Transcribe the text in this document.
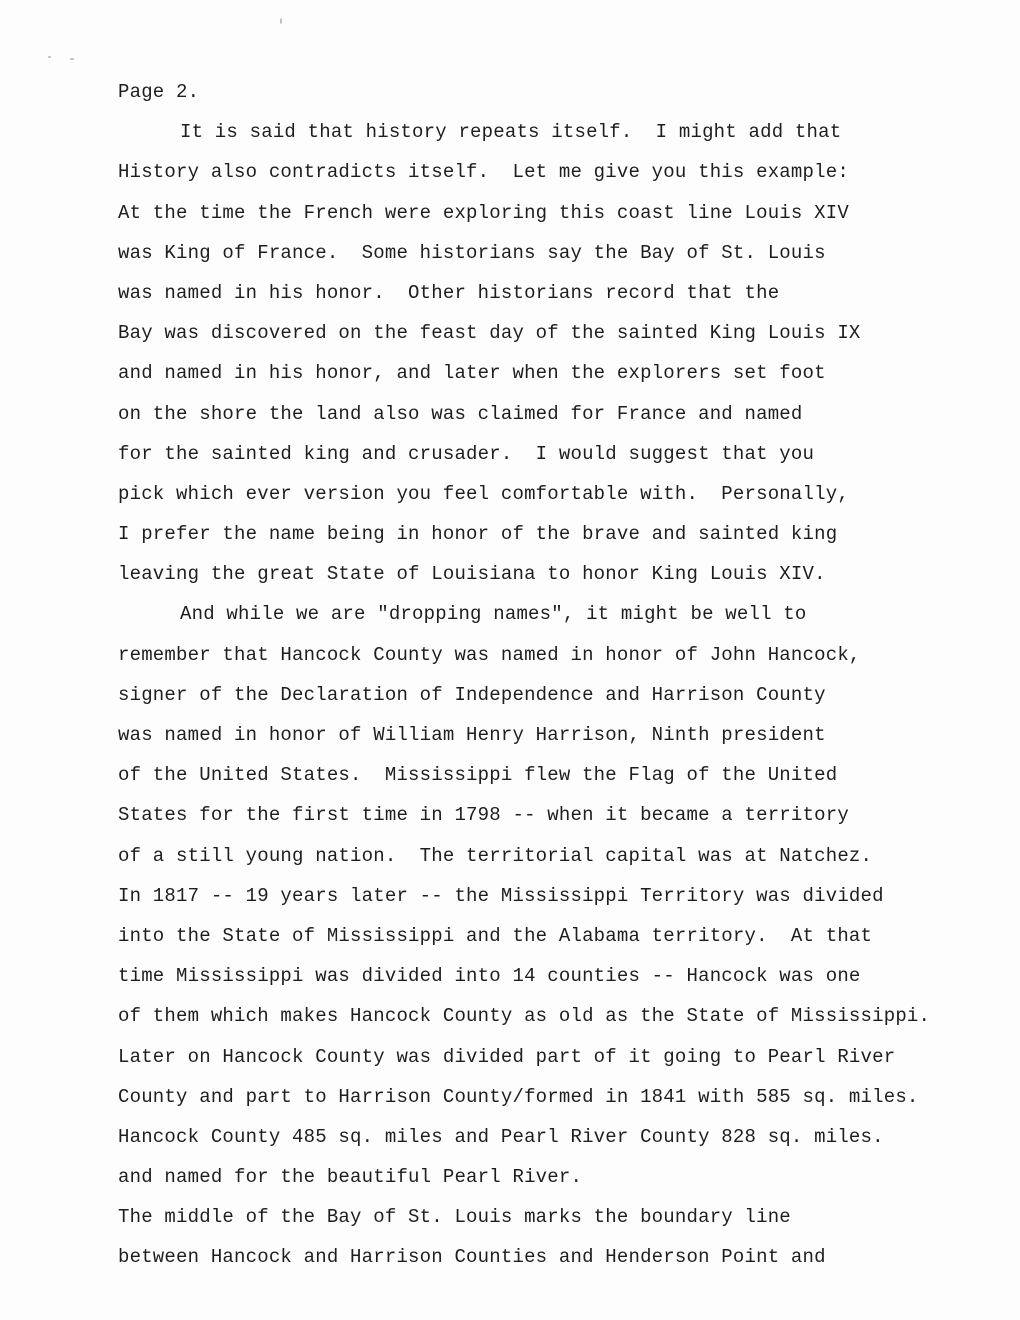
Page 2.
It is said that history repeats itself.  I might add that
History also contradicts itself.  Let me give you this example:
At the time the French were exploring this coast line Louis XIV
was King of France.  Some historians say the Bay of St. Louis
was named in his honor.  Other historians record that the
Bay was discovered on the feast day of the sainted King Louis IX
and named in his honor, and later when the explorers set foot
on the shore the land also was claimed for France and named
for the sainted king and crusader.  I would suggest that you
pick which ever version you feel comfortable with.  Personally,
I prefer the name being in honor of the brave and sainted king
leaving the great State of Louisiana to honor King Louis XIV.
And while we are "dropping names", it might be well to
remember that Hancock County was named in honor of John Hancock,
signer of the Declaration of Independence and Harrison County
was named in honor of William Henry Harrison, Ninth president
of the United States.  Mississippi flew the Flag of the United
States for the first time in 1798 -- when it became a territory
of a still young nation.  The territorial capital was at Natchez.
In 1817 -- 19 years later -- the Mississippi Territory was divided
into the State of Mississippi and the Alabama territory.  At that
time Mississippi was divided into 14 counties -- Hancock was one
of them which makes Hancock County as old as the State of Mississippi.
Later on Hancock County was divided part of it going to Pearl River
County and part to Harrison County/formed in 1841 with 585 sq. miles.
Hancock County 485 sq. miles and Pearl River County 828 sq. miles.
and named for the beautiful Pearl River.
The middle of the Bay of St. Louis marks the boundary line
between Hancock and Harrison Counties and Henderson Point and
